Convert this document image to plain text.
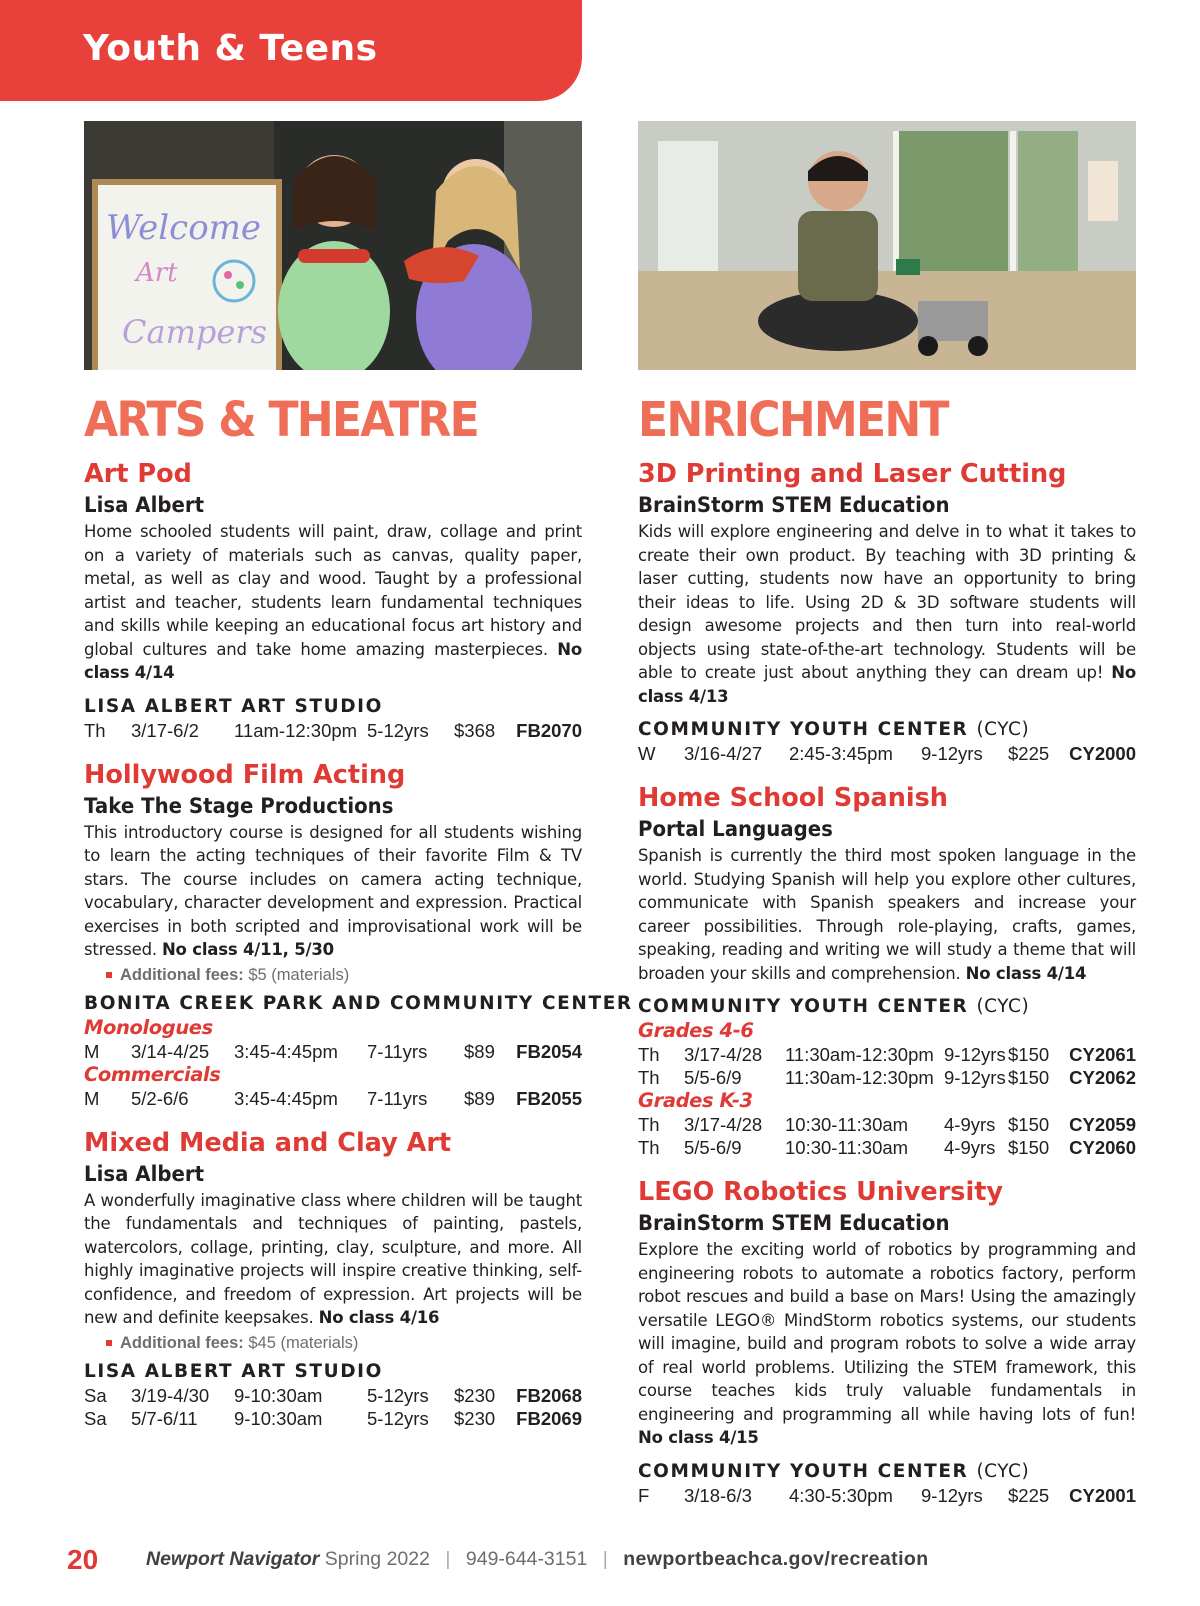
Youth & Teens
Welcome
Art
Campers
ARTS & THEATRE
Art Pod
Lisa Albert
Home schooled students will paint, draw, collage and print on a variety of materials such as canvas, quality paper, metal, as well as clay and wood. Taught by a professional artist and teacher, students learn fundamental techniques and skills while keeping an educational focus art history and global cultures and take home amazing masterpieces. No class 4/14
LISA ALBERT ART STUDIO
Th 3/17-6/2 11am-12:30pm 5-12yrs $368 FB2070
Hollywood Film Acting
Take The Stage Productions
This introductory course is designed for all students wishing to learn the acting techniques of their favorite Film & TV stars. The course includes on camera acting technique, vocabulary, character development and expression. Practical exercises in both scripted and improvisational work will be stressed. No class 4/11, 5/30
Additional fees: $5 (materials)
BONITA CREEK PARK AND COMMUNITY CENTER
Monologues
M 3/14-4/25 3:45-4:45pm 7-11yrs $89 FB2054
Commercials
M 5/2-6/6 3:45-4:45pm 7-11yrs $89 FB2055
Mixed Media and Clay Art
Lisa Albert
A wonderfully imaginative class where children will be taught the fundamentals and techniques of painting, pastels, watercolors, collage, printing, clay, sculpture, and more. All highly imaginative projects will inspire creative thinking, self-confidence, and freedom of expression. Art projects will be new and definite keepsakes. No class 4/16
Additional fees: $45 (materials)
LISA ALBERT ART STUDIO
Sa 3/19-4/30 9-10:30am 5-12yrs $230 FB2068
Sa 5/7-6/11 9-10:30am 5-12yrs $230 FB2069
ENRICHMENT
3D Printing and Laser Cutting
BrainStorm STEM Education
Kids will explore engineering and delve in to what it takes to create their own product. By teaching with 3D printing & laser cutting, students now have an opportunity to bring their ideas to life. Using 2D & 3D software students will design awesome projects and then turn into real-world objects using state-of-the-art technology. Students will be able to create just about anything they can dream up! No class 4/13
COMMUNITY YOUTH CENTER (CYC)
W 3/16-4/27 2:45-3:45pm 9-12yrs $225 CY2000
Home School Spanish
Portal Languages
Spanish is currently the third most spoken language in the world. Studying Spanish will help you explore other cultures, communicate with Spanish speakers and increase your career possibilities. Through role-playing, crafts, games, speaking, reading and writing we will study a theme that will broaden your skills and comprehension. No class 4/14
COMMUNITY YOUTH CENTER (CYC)
Grades 4-6
Th 3/17-4/28 11:30am-12:30pm 9-12yrs $150 CY2061
Th 5/5-6/9 11:30am-12:30pm 9-12yrs $150 CY2062
Grades K-3
Th 3/17-4/28 10:30-11:30am 4-9yrs $150 CY2059
Th 5/5-6/9 10:30-11:30am 4-9yrs $150 CY2060
LEGO Robotics University
BrainStorm STEM Education
Explore the exciting world of robotics by programming and engineering robots to automate a robotics factory, perform robot rescues and build a base on Mars! Using the amazingly versatile LEGO® MindStorm robotics systems, our students will imagine, build and program robots to solve a wide array of real world problems. Utilizing the STEM framework, this course teaches kids truly valuable fundamentals in engineering and programming all while having lots of fun! No class 4/15
COMMUNITY YOUTH CENTER (CYC)
F 3/18-6/3 4:30-5:30pm 9-12yrs $225 CY2001
20 Newport Navigator Spring 2022 | 949-644-3151 | newportbeachca.gov/recreation
